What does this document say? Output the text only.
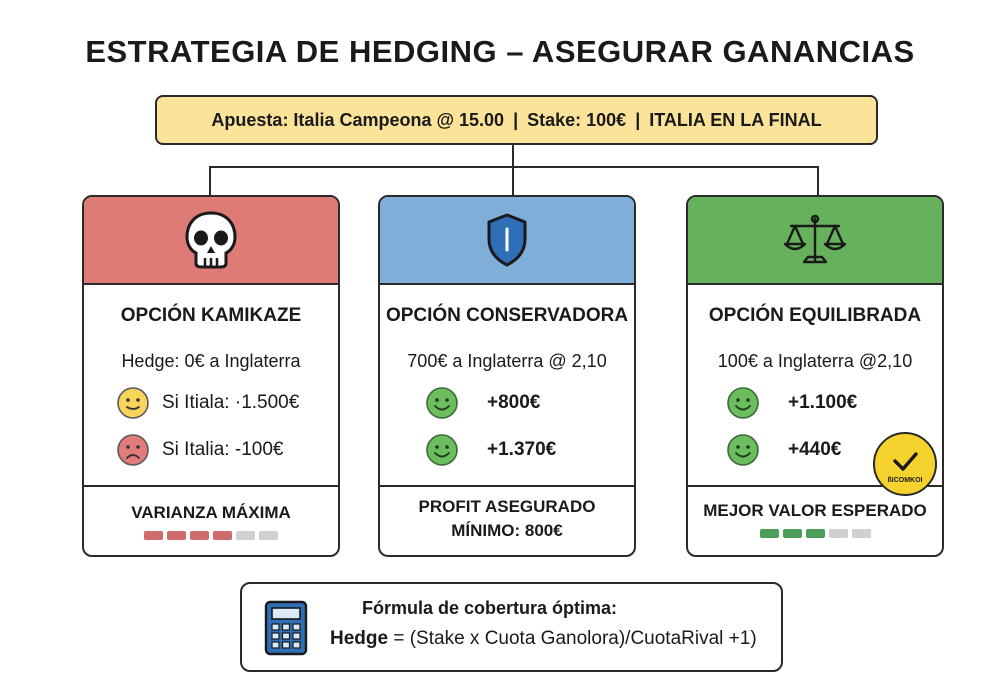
ESTRATEGIA DE HEDGING – ASEGURAR GANANCIAS
Apuesta: Italia Campeona @ 15.00 | Stake: 100€ | ITALIA EN LA FINAL
OPCIÓN KAMIKAZE
Hedge: 0€ a Inglaterra
Si Itiala: ·1.500€
Si Italia: -100€
VARIANZA MÁXIMA
OPCIÓN CONSERVADORA
700€ a Inglaterra @ 2,10
+800€
+1.370€
PROFIT ASEGURADO
MÍNIMO: 800€
OPCIÓN EQUILIBRADA
100€ a Inglaterra @2,10
+1.100€
+440€
MEJOR VALOR ESPERADO
ßICOMKOI
Fórmula de cobertura óptima:
Hedge = (Stake x Cuota Ganolora)/CuotaRival +1)
